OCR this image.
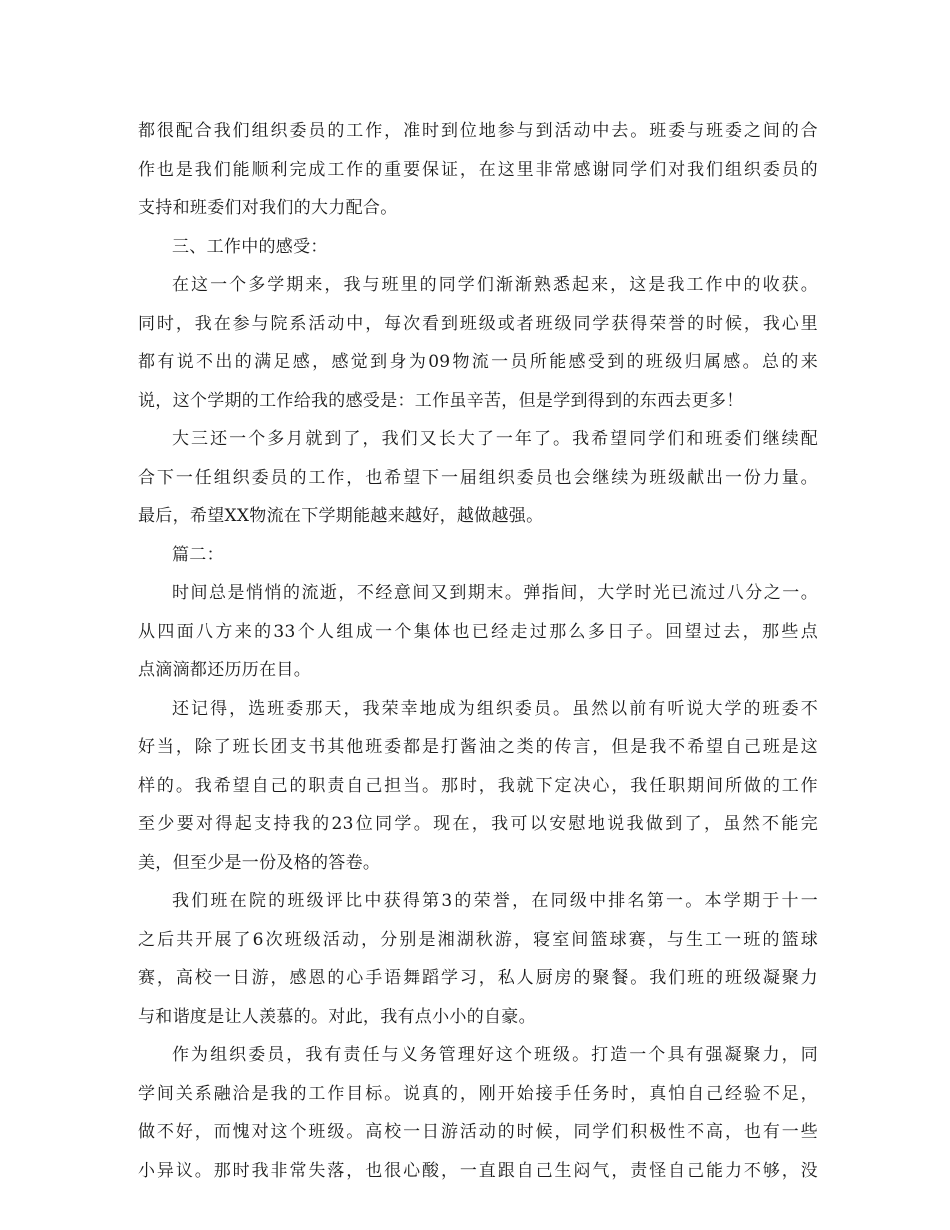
都很配合我们组织委员的工作，准时到位地参与到活动中去。班委与班委之间的合
作也是我们能顺利完成工作的重要保证，在这里非常感谢同学们对我们组织委员的
支持和班委们对我们的大力配合。
三、工作中的感受：
在这一个多学期来，我与班里的同学们渐渐熟悉起来，这是我工作中的收获。
同时，我在参与院系活动中，每次看到班级或者班级同学获得荣誉的时候，我心里
都有说不出的满足感，感觉到身为09物流一员所能感受到的班级归属感。总的来
说，这个学期的工作给我的感受是：工作虽辛苦，但是学到得到的东西去更多！
大三还一个多月就到了，我们又长大了一年了。我希望同学们和班委们继续配
合下一任组织委员的工作，也希望下一届组织委员也会继续为班级献出一份力量。
最后，希望XX物流在下学期能越来越好，越做越强。
篇二：
时间总是悄悄的流逝，不经意间又到期末。弹指间，大学时光已流过八分之一。
从四面八方来的33个人组成一个集体也已经走过那么多日子。回望过去，那些点
点滴滴都还历历在目。
还记得，选班委那天，我荣幸地成为组织委员。虽然以前有听说大学的班委不
好当，除了班长团支书其他班委都是打酱油之类的传言，但是我不希望自己班是这
样的。我希望自己的职责自己担当。那时，我就下定决心，我任职期间所做的工作
至少要对得起支持我的23位同学。现在，我可以安慰地说我做到了，虽然不能完
美，但至少是一份及格的答卷。
我们班在院的班级评比中获得第3的荣誉，在同级中排名第一。本学期于十一
之后共开展了6次班级活动，分别是湘湖秋游，寝室间篮球赛，与生工一班的篮球
赛，高校一日游，感恩的心手语舞蹈学习，私人厨房的聚餐。我们班的班级凝聚力
与和谐度是让人羡慕的。对此，我有点小小的自豪。
作为组织委员，我有责任与义务管理好这个班级。打造一个具有强凝聚力，同
学间关系融洽是我的工作目标。说真的，刚开始接手任务时，真怕自己经验不足，
做不好，而愧对这个班级。高校一日游活动的时候，同学们积极性不高，也有一些
小异议。那时我非常失落，也很心酸，一直跟自己生闷气，责怪自己能力不够，没
